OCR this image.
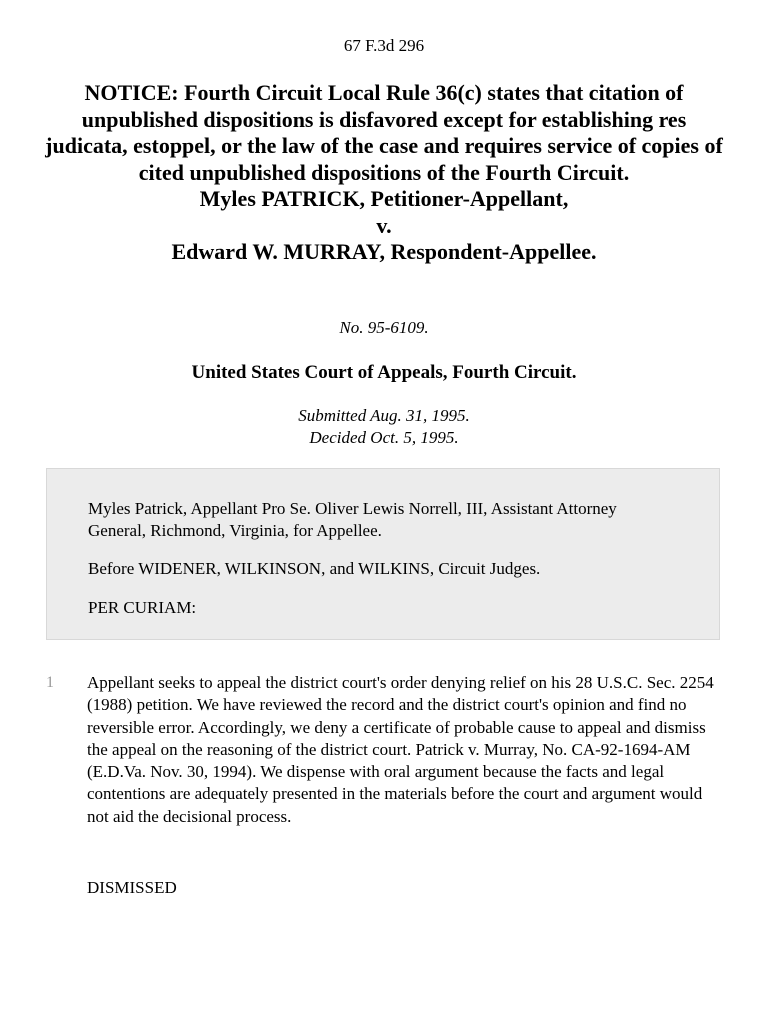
67 F.3d 296
NOTICE: Fourth Circuit Local Rule 36(c) states that citation of unpublished dispositions is disfavored except for establishing res judicata, estoppel, or the law of the case and requires service of copies of cited unpublished dispositions of the Fourth Circuit.
Myles PATRICK, Petitioner-Appellant,
v.
Edward W. MURRAY, Respondent-Appellee.
No. 95-6109.
United States Court of Appeals, Fourth Circuit.
Submitted Aug. 31, 1995.
Decided Oct. 5, 1995.

Myles Patrick, Appellant Pro Se. Oliver Lewis Norrell, III, Assistant Attorney General, Richmond, Virginia, for Appellee.

Before WIDENER, WILKINSON, and WILKINS, Circuit Judges.

PER CURIAM:

1 Appellant seeks to appeal the district court's order denying relief on his 28 U.S.C. Sec. 2254 (1988) petition. We have reviewed the record and the district court's opinion and find no reversible error. Accordingly, we deny a certificate of probable cause to appeal and dismiss the appeal on the reasoning of the district court. Patrick v. Murray, No. CA-92-1694-AM (E.D.Va. Nov. 30, 1994). We dispense with oral argument because the facts and legal contentions are adequately presented in the materials before the court and argument would not aid the decisional process.

DISMISSED
